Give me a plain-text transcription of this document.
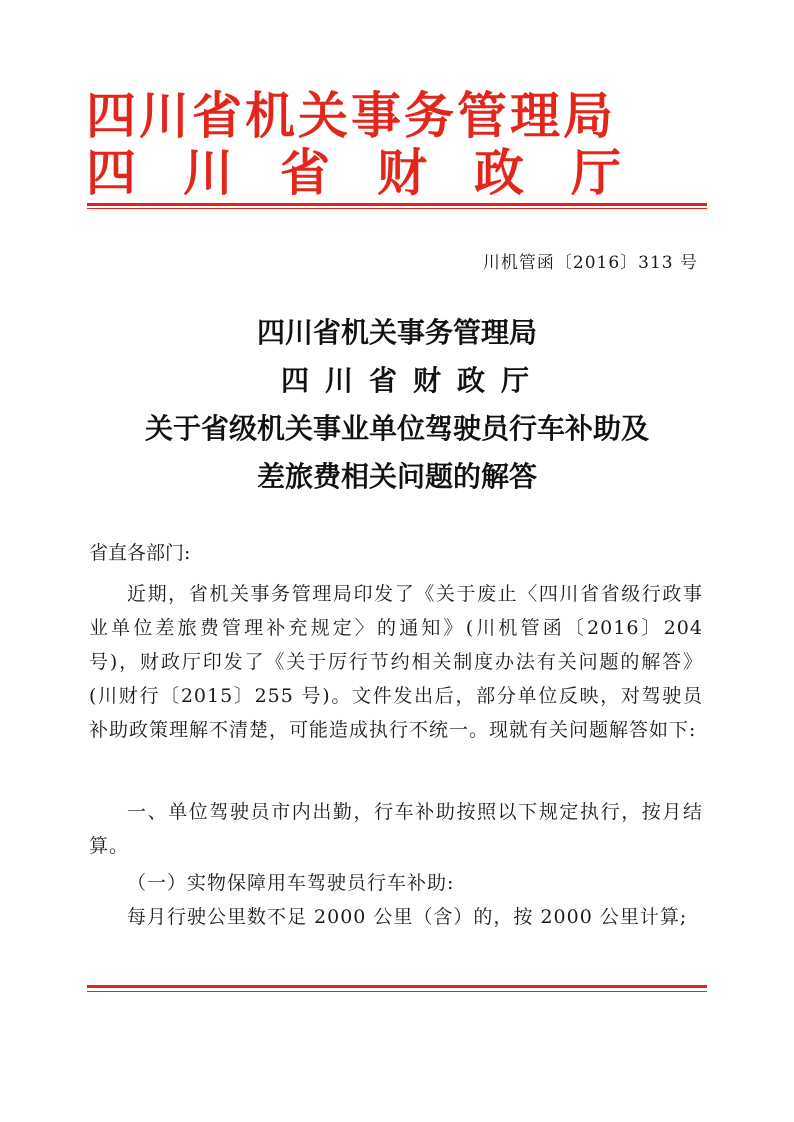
四川省机关事务管理局
四川省财政厅
川机管函〔2016〕313 号
四川省机关事务管理局
四川省财政厅
关于省级机关事业单位驾驶员行车补助及
差旅费相关问题的解答
省直各部门:
近期，省机关事务管理局印发了《关于废止〈四川省省级行政事业单位差旅费管理补充规定〉的通知》(川机管函〔2016〕204 号)，财政厅印发了《关于厉行节约相关制度办法有关问题的解答》(川财行〔2015〕255 号)。文件发出后，部分单位反映，对驾驶员补助政策理解不清楚，可能造成执行不统一。现就有关问题解答如下:
一、单位驾驶员市内出勤，行车补助按照以下规定执行，按月结算。
（一）实物保障用车驾驶员行车补助:
每月行驶公里数不足 2000 公里（含）的，按 2000 公里计算;
